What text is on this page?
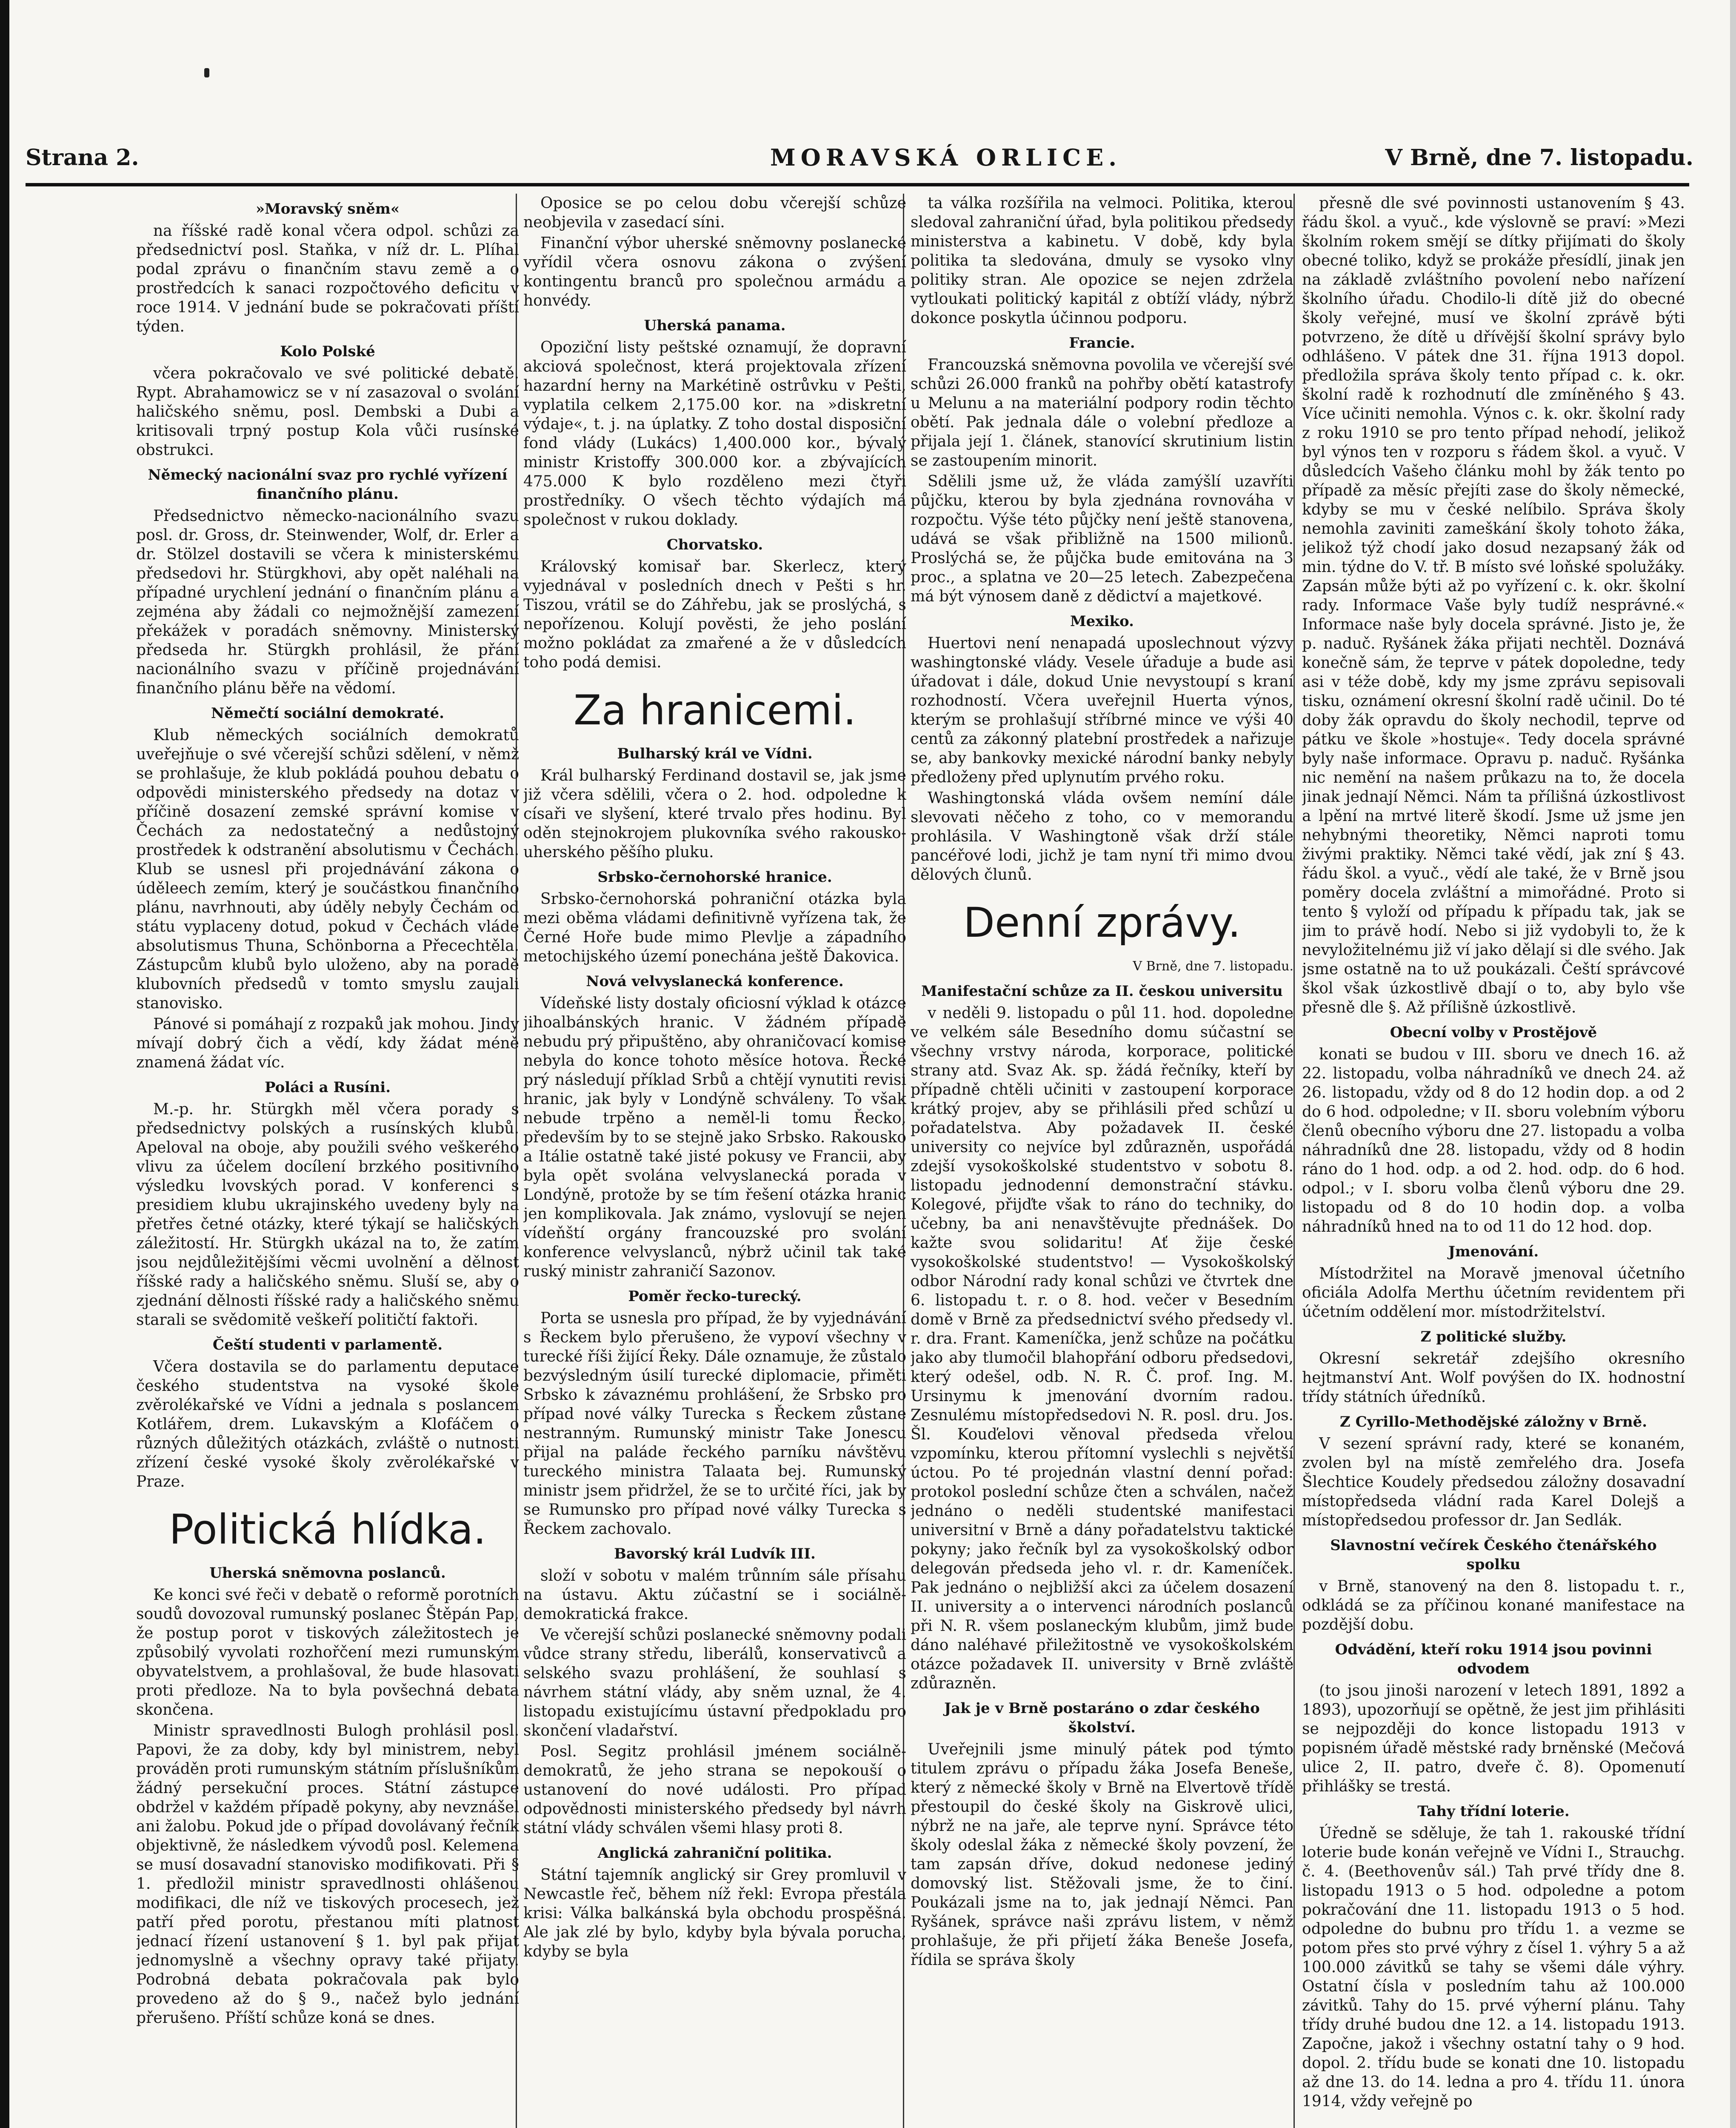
Strana 2.	MORAVSKÁ ORLICE.	V Brně, dne 7. listopadu.
»Moravský sněm«
na říšské radě konal včera odpol. schůzi za předsednictví posl. Staňka, v níž dr. L. Plíhal podal zprávu o finančním stavu země a o prostředcích k sanaci rozpočtového deficitu v roce 1914. V jednání bude se pokračovati příští týden.
Kolo Polské
včera pokračovalo ve své politické debatě. Rypt. Abrahamowicz se v ní zasazoval o svolání haličského sněmu, posl. Dembski a Dubi a kritisovali trpný postup Kola vůči rusínské obstrukci.
Německý nacionální svaz pro rychlé vyřízení finančního plánu.
Předsednictvo německo-nacionálního svazu posl. dr. Gross, dr. Steinwender, Wolf, dr. Erler a dr. Stölzel dostavili se včera k ministerskému předsedovi hr. Stürgkhovi, aby opět naléhali na případné urychlení jednání o finančním plánu a zejména aby žádali co nejmožnější zamezení překážek v poradách sněmovny. Ministerský předseda hr. Stürgkh prohlásil, že přání nacionálního svazu v příčině projednávání finančního plánu běře na vědomí.
Němečtí sociální demokraté.
Klub německých sociálních demokratů uveřejňuje o své včerejší schůzi sdělení, v němž se prohlašuje, že klub pokládá pouhou debatu o odpovědi ministerského předsedy na dotaz v příčině dosazení zemské správní komise v Čechách za nedostatečný a nedůstojný prostředek k odstranění absolutismu v Čechách. Klub se usnesl při projednávání zákona o úděleech zemím, který je součástkou finančního plánu, navrhnouti, aby úděly nebyly Čechám od státu vyplaceny dotud, pokud v Čechách vláde absolutismus Thuna, Schönborna a Přecechtěla. Zástupcům klubů bylo uloženo, aby na poradě klubovních předsedů v tomto smyslu zaujali stanovisko.
Pánové si pomáhají z rozpaků jak mohou. Jindy mívají dobrý čich a vědí, kdy žádat méně znamená žádat víc.
Poláci a Rusíni.
M.-p. hr. Stürgkh měl včera porady s předsednictvy polských a rusínských klubů. Apeloval na oboje, aby použili svého veškerého vlivu za účelem docílení brzkého positivního výsledku lvovských porad. V konferenci s presidiem klubu ukrajinského uvedeny byly na přetřes četné otázky, které týkají se haličských záležitostí. Hr. Stürgkh ukázal na to, že zatím jsou nejdůležitějšími věcmi uvolnění a dělnost říšské rady a haličského sněmu. Sluší se, aby o zjednání dělnosti říšské rady a haličského sněmu starali se svědomitě veškeří političtí faktoři.
Čeští studenti v parlamentě.
Včera dostavila se do parlamentu deputace českého studentstva na vysoké škole zvěrolékařské ve Vídni a jednala s poslancem Kotlářem, drem. Lukavským a Klofáčem o různých důležitých otázkách, zvláště o nutnosti zřízení české vysoké školy zvěrolékařské v Praze.
Politická hlídka.
Uherská sněmovna poslanců.
Ke konci své řeči v debatě o reformě porotních soudů dovozoval rumunský poslanec Štěpán Pap, že postup porot v tiskových záležitostech je způsobilý vyvolati rozhořčení mezi rumunským obyvatelstvem, a prohlašoval, že bude hlasovati proti předloze. Na to byla povšechná debata skončena.
Ministr spravedlnosti Bulogh prohlásil posl. Papovi, že za doby, kdy byl ministrem, nebyl prováděn proti rumunským státním příslušníkům žádný persekuční proces. Státní zástupce obdržel v každém případě pokyny, aby nevznášel ani žalobu. Pokud jde o případ dovolávaný řečník objektivně, že následkem vývodů posl. Kelemena se musí dosavadní stanovisko modifikovati. Při § 1. předložil ministr spravedlnosti ohlášenou modifikaci, dle níž ve tiskových procesech, jež patří před porotu, přestanou míti platnost jednací řízení ustanovení § 1. byl pak přijat jednomyslně a všechny opravy také přijaty. Podrobná debata pokračovala pak bylo provedeno až do § 9., načež bylo jednání přerušeno. Příští schůze koná se dnes.
Oposice se po celou dobu včerejší schůze neobjevila v zasedací síni.
Finanční výbor uherské sněmovny poslanecké vyřídil včera osnovu zákona o zvýšení kontingentu branců pro společnou armádu a honvédy.
Uherská panama.
Opoziční listy peštské oznamují, že dopravní akciová společnost, která projektovala zřízení hazardní herny na Markétině ostrůvku v Pešti, vyplatila celkem 2,175.00 kor. na »diskretní výdaje«, t. j. na úplatky. Z toho dostal disposiční fond vlády (Lukács) 1,400.000 kor., bývalý ministr Kristoffy 300.000 kor. a zbývajících 475.000 K bylo rozděleno mezi čtyři prostředníky. O všech těchto výdajích má společnost v rukou doklady.
Chorvatsko.
Královský komisař bar. Skerlecz, který vyjednával v posledních dnech v Pešti s hr. Tiszou, vrátil se do Záhřebu, jak se proslýchá, s nepořízenou. Kolují pověsti, že jeho poslání možno pokládat za zmařené a že v důsledcích toho podá demisi.
Za hranicemi.
Bulharský král ve Vídni.
Král bulharský Ferdinand dostavil se, jak jsme již včera sdělili, včera o 2. hod. odpoledne k císaři ve slyšení, které trvalo přes hodinu. Byl oděn stejnokrojem plukovníka svého rakousko-uherského pěšího pluku.
Srbsko-černohorské hranice.
Srbsko-černohorská pohraniční otázka byla mezi oběma vládami definitivně vyřízena tak, že Černé Hoře bude mimo Plevlje a západního metochijského území ponechána ještě Ďakovica.
Nová velvyslanecká konference.
Vídeňské listy dostaly oficiosní výklad k otázce jihoalbánských hranic. V žádném případě nebudu prý připuštěno, aby ohraničovací komise nebyla do konce tohoto měsíce hotova. Řecké prý následují příklad Srbů a chtějí vynutiti revisi hranic, jak byly v Londýně schváleny. To však nebude trpěno a neměl-li tomu Řecko, především by to se stejně jako Srbsko. Rakousko a Itálie ostatně také jisté pokusy ve Francii, aby byla opět svolána velvyslanecká porada v Londýně, protože by se tím řešení otázka hranic jen komplikovala. Jak známo, vyslovují se nejen vídeňští orgány francouzské pro svolání konference velvyslanců, nýbrž učinil tak také ruský ministr zahraničí Sazonov.
Poměr řecko-turecký.
Porta se usnesla pro případ, že by vyjednávání s Řeckem bylo přerušeno, že vypoví všechny v turecké říši žijící Řeky. Dále oznamuje, že zůstalo bezvýsledným úsilí turecké diplomacie, přiměti Srbsko k závaznému prohlášení, že Srbsko pro případ nové války Turecka s Řeckem zůstane nestranným. Rumunský ministr Take Jonescu přijal na paláde řeckého parníku návštěvu tureckého ministra Talaata bej. Rumunský ministr jsem přidržel, že se to určité říci, jak by se Rumunsko pro případ nové války Turecka s Řeckem zachovalo.
Bavorský král Ludvík III.
složí v sobotu v malém trůnním sále přísahu na ústavu. Aktu zúčastní se i sociálně-demokratická frakce.
Ve včerejší schůzi poslanecké sněmovny podali vůdce strany středu, liberálů, konservativců a selského svazu prohlášení, že souhlasí s návrhem státní vlády, aby sněm uznal, že 4. listopadu existujícímu ústavní předpokladu pro skončení vladařství.
Posl. Segitz prohlásil jménem sociálně-demokratů, že jeho strana se nepokouší o ustanovení do nové události. Pro případ odpovědnosti ministerského předsedy byl návrh státní vlády schválen všemi hlasy proti 8.
Anglická zahraniční politika.
Státní tajemník anglický sir Grey promluvil v Newcastle řeč, během níž řekl: Evropa přestála krisi: Válka balkánská byla obchodu prospěšná. Ale jak zlé by bylo, kdyby byla bývala porucha, kdyby se byla
ta válka rozšířila na velmoci. Politika, kterou sledoval zahraniční úřad, byla politikou předsedy ministerstva a kabinetu. V době, kdy byla politika ta sledována, dmuly se vysoko vlny politiky stran. Ale opozice se nejen zdržela vytloukati politický kapitál z obtíží vlády, nýbrž dokonce poskytla účinnou podporu.
Francie.
Francouzská sněmovna povolila ve včerejší své schůzi 26.000 franků na pohřby obětí katastrofy u Melunu a na materiální podpory rodin těchto obětí. Pak jednala dále o volební předloze a přijala její 1. článek, stanovící skrutinium listin se zastoupením minorit.
Sdělili jsme už, že vláda zamýšlí uzavříti půjčku, kterou by byla zjednána rovnováha v rozpočtu. Výše této půjčky není ještě stanovena, udává se však přibližně na 1500 milionů. Proslýchá se, že půjčka bude emitována na 3 proc., a splatna ve 20—25 letech. Zabezpečena má být výnosem daně z dědictví a majetkové.
Mexiko.
Huertovi není nenapadá uposlechnout výzvy washingtonské vlády. Vesele úřaduje a bude asi úřadovat i dále, dokud Unie nevystoupí s kraní rozhodností. Včera uveřejnil Huerta výnos, kterým se prohlašují stříbrné mince ve výši 40 centů za zákonný platební prostředek a nařizuje se, aby bankovky mexické národní banky nebyly předloženy před uplynutím prvého roku.
Washingtonská vláda ovšem nemíní dále slevovati něčeho z toho, co v memorandu prohlásila. V Washingtoně však drží stále pancéřové lodi, jichž je tam nyní tři mimo dvou dělových člunů.
Denní zprávy.
V Brně, dne 7. listopadu.
Manifestační schůze za II. českou universitu
v neděli 9. listopadu o půl 11. hod. dopoledne ve velkém sále Besedního domu súčastní se všechny vrstvy národa, korporace, politické strany atd. Svaz Ak. sp. žádá řečníky, kteří by případně chtěli učiniti v zastoupení korporace krátký projev, aby se přihlásili před schůzí u pořadatelstva. Aby požadavek II. české university co nejvíce byl zdůrazněn, uspořádá zdejší vysokoškolské studentstvo v sobotu 8. listopadu jednodenní demonstrační stávku. Kolegové, přijďte však to ráno do techniky, do učebny, ba ani nenavštěvujte přednášek. Do kažte svou solidaritu! Ať žije české vysokoškolské studentstvo! — Vysokoškolský odbor Národní rady konal schůzi ve čtvrtek dne 6. listopadu t. r. o 8. hod. večer v Besedním domě v Brně za předsednictví svého předsedy vl. r. dra. Frant. Kameníčka, jenž schůze na počátku jako aby tlumočil blahopřání odboru předsedovi, který odešel, odb. N. R. Č. prof. Ing. M. Ursinymu k jmenování dvorním radou. Zesnulému místopředsedovi N. R. posl. dru. Jos. Šl. Kouďelovi věnoval předseda vřelou vzpomínku, kterou přítomní vyslechli s největší úctou. Po té projednán vlastní denní pořad: protokol poslední schůze čten a schválen, načež jednáno o neděli studentské manifestaci universitní v Brně a dány pořadatelstvu taktické pokyny; jako řečník byl za vysokoškolský odbor delegován předseda jeho vl. r. dr. Kameníček. Pak jednáno o nejbližší akci za účelem dosazení II. university a o intervenci národních poslanců při N. R. všem poslaneckým klubům, jimž bude dáno naléhavé přiležitostně ve vysokoškolském otázce požadavek II. university v Brně zvláště zdůrazněn.
Jak je v Brně postaráno o zdar českého školství.
Uveřejnili jsme minulý pátek pod týmto titulem zprávu o případu žáka Josefa Beneše, který z německé školy v Brně na Elvertově třídě přestoupil do české školy na Giskrově ulici, nýbrž ne na jaře, ale teprve nyní. Správce této školy odeslal žáka z německé školy povzení, že tam zapsán dříve, dokud nedonese jediný domovský list. Stěžovali jsme, že to činí. Poukázali jsme na to, jak jednají Němci. Pan Ryšánek, správce naši zprávu listem, v němž prohlašuje, že při přijetí žáka Beneše Josefa, řídila se správa školy
přesně dle své povinnosti ustanovením § 43. řádu škol. a vyuč., kde výslovně se praví: »Mezi školním rokem smějí se dítky přijímati do školy obecné toliko, když se prokáže přesídlí, jinak jen na základě zvláštního povolení nebo nařízení školního úřadu. Chodilo-li dítě již do obecné školy veřejné, musí ve školní zprávě býti potvrzeno, že dítě u dřívější školní správy bylo odhlášeno. V pátek dne 31. října 1913 dopol. předložila správa školy tento případ c. k. okr. školní radě k rozhodnutí dle zmíněného § 43. Více učiniti nemohla. Výnos c. k. okr. školní rady z roku 1910 se pro tento případ nehodí, jelikož byl výnos ten v rozporu s řádem škol. a vyuč. V důsledcích Vašeho článku mohl by žák tento po případě za měsíc přejíti zase do školy německé, kdyby se mu v české nelíbilo. Správa školy nemohla zaviniti zameškání školy tohoto žáka, jelikož týž chodí jako dosud nezapsaný žák od min. týdne do V. tř. B místo své loňské spolužáky. Zapsán může býti až po vyřízení c. k. okr. školní rady. Informace Vaše byly tudíž nesprávné.« Informace naše byly docela správné. Jisto je, že p. naduč. Ryšánek žáka přijati nechtěl. Doznává konečně sám, že teprve v pátek dopoledne, tedy asi v téže době, kdy my jsme zprávu sepisovali tisku, oznámení okresní školní radě učinil. Do té doby žák opravdu do školy nechodil, teprve od pátku ve škole »hostuje«. Tedy docela správné byly naše informace. Opravu p. naduč. Ryšánka nic nemění na našem průkazu na to, že docela jinak jednají Němci. Nám ta přílišná úzkostlivost a lpění na mrtvé literě škodí. Jsme už jsme jen nehybnými theoretiky, Němci naproti tomu živými praktiky. Němci také vědí, jak zní § 43. řádu škol. a vyuč., vědí ale také, že v Brně jsou poměry docela zvláštní a mimořádné. Proto si tento § vyloží od případu k případu tak, jak se jim to právě hodí. Nebo si již vydobyli to, že k nevyložitelnému již ví jako dělají si dle svého. Jak jsme ostatně na to už poukázali. Čeští správcové škol však úzkostlivě dbají o to, aby bylo vše přesně dle §. Až přílišně úzkostlivě.
Obecní volby v Prostějově
konati se budou v III. sboru ve dnech 16. až 22. listopadu, volba náhradníků ve dnech 24. až 26. listopadu, vždy od 8 do 12 hodin dop. a od 2 do 6 hod. odpoledne; v II. sboru volebním výboru členů obecního výboru dne 27. listopadu a volba náhradníků dne 28. listopadu, vždy od 8 hodin ráno do 1 hod. odp. a od 2. hod. odp. do 6 hod. odpol.; v I. sboru volba členů výboru dne 29. listopadu od 8 do 10 hodin dop. a volba náhradníků hned na to od 11 do 12 hod. dop.
Jmenování.
Místodržitel na Moravě jmenoval účetního oficiála Adolfa Merthu účetním revidentem při účetním oddělení mor. místodržitelství.
Z politické služby.
Okresní sekretář zdejšího okresního hejtmanství Ant. Wolf povýšen do IX. hodnostní třídy státních úředníků.
Z Cyrillo-Methodějské záložny v Brně.
V sezení správní rady, které se konaném, zvolen byl na místě zemřelého dra. Josefa Šlechtice Koudely předsedou záložny dosavadní místopředseda vládní rada Karel Dolejš a místopředsedou professor dr. Jan Sedlák.
Slavnostní večírek Českého čtenářského spolku
v Brně, stanovený na den 8. listopadu t. r., odkládá se za příčinou konané manifestace na pozdější dobu.
Odvádění, kteří roku 1914 jsou povinni odvodem
(to jsou jinoši narození v letech 1891, 1892 a 1893), upozorňují se opětně, že jest jim přihlásiti se nejpozději do konce listopadu 1913 v popisném úřadě městské rady brněnské (Mečová ulice 2, II. patro, dveře č. 8). Opomenutí přihlášky se trestá.
Tahy třídní loterie.
Úředně se sděluje, že tah 1. rakouské třídní loterie bude konán veřejně ve Vídni I., Strauchg. č. 4. (Beethovenův sál.) Tah prvé třídy dne 8. listopadu 1913 o 5 hod. odpoledne a potom pokračování dne 11. listopadu 1913 o 5 hod. odpoledne do bubnu pro třídu 1. a vezme se potom přes sto prvé výhry z čísel 1. výhry 5 a až 100.000 závitků se tahy se všemi dále výhry. Ostatní čísla v posledním tahu až 100.000 závitků. Tahy do 15. prvé výherní plánu. Tahy třídy druhé budou dne 12. a 14. listopadu 1913. Započne, jakož i všechny ostatní tahy o 9 hod. dopol. 2. třídu bude se konati dne 10. listopadu až dne 13. do 14. ledna a pro 4. třídu 11. února 1914, vždy veřejně po
